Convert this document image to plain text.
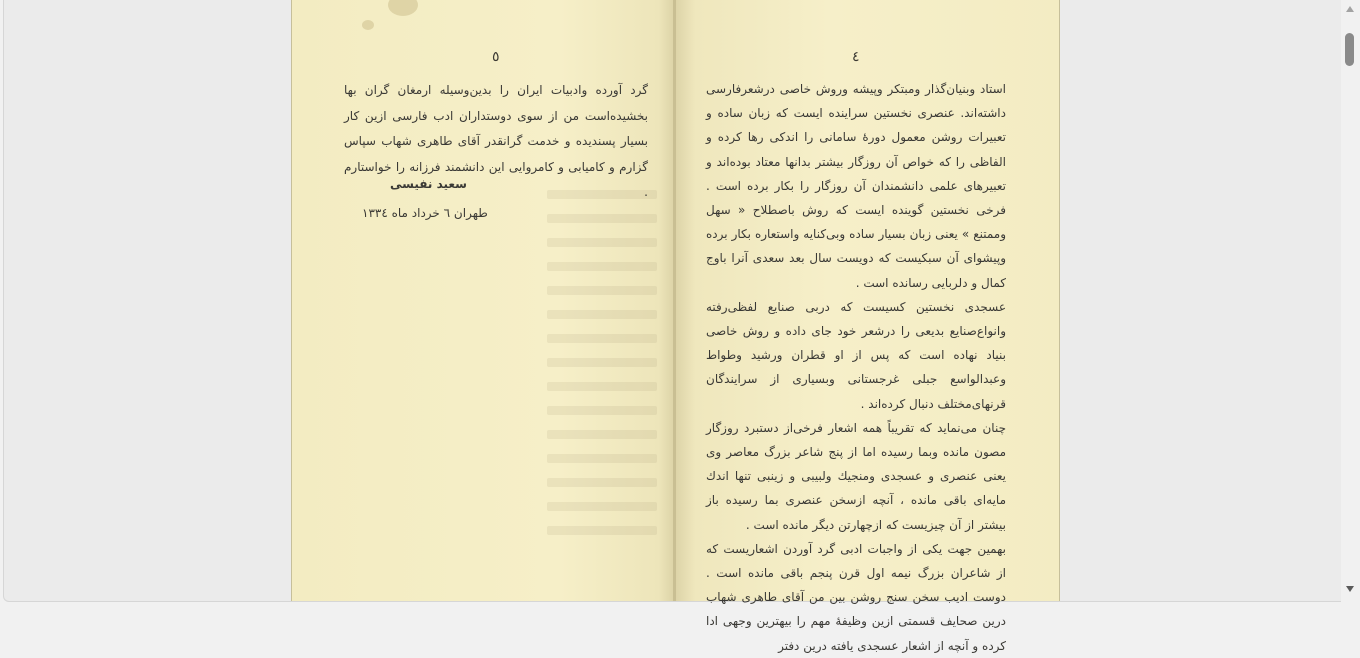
٥

گرد آورده وادبیات ایران را بدین‌وسیله ارمغان گران بها بخشیده‌است من از سوی دوستداران ادب فارسی ازین کار بسیار پسندیده و خدمت گرانقدر آقای طاهری شهاب سپاس گزارم و کامیابی و کامروایی این دانشمند فرزانه را خواستارم .

سعید نفیسی
طهران ٦ خرداد ماه ١٣٣٤
٤

استاد وبنیان‌گذار ومبتکر وپیشه وروش خاصی درشعرفارسی داشته‌اند. عنصری نخستین سراینده ایست که زبان ساده و تعبیرات روشن معمول دورهٔ سامانی را اندکی رها کرده و الفاظی را که خواص آن روزگار بیشتر بدانها معتاد بوده‌اند و تعبیرهای علمی دانشمندان آن روزگار را بکار برده است . فرخی نخستین گوینده ایست که روش باصطلاح « سهل وممتنع » یعنی زبان بسیار ساده وبی‌کنایه واستعاره بکار برده وپیشوای آن سبکیست که دویست سال بعد سعدی آنرا باوج کمال و دلربایی رسانده است .

عسجدی نخستین کسیست که دربی صنایع لفظی‌رفته وانواع‌صنایع بدیعی را درشعر خود جای داده و روش خاصی بنیاد نهاده است که پس از او قطران ورشید وطواط وعبدالواسع جبلی غرجستانی وبسیاری از سرایندگان قرنهای‌مختلف دنبال کرده‌اند .

چنان می‌نماید که تقریباً همه اشعار فرخی‌از دستبرد روزگار مصون مانده وبما رسیده اما از پنج شاعر بزرگ معاصر وی یعنی عنصری و عسجدی ومنجیك ولبیبی و زینبی تنها اندك مایه‌ای باقی مانده ، آنچه ازسخن عنصری بما رسیده باز بیشتر از آن چیزیست که ازچهارتن دیگر مانده است .

بهمین جهت یکی از واجبات ادبی گرد آوردن اشعاریست که از شاعران بزرگ نیمه اول قرن پنجم باقی مانده است . دوست ادیب سخن سنج روشن بین من آقای طاهری شهاب درین صحایف قسمتی ازین وظیفهٔ مهم را بیهترین وجهی ادا کرده و آنچه از اشعار عسجدی یافته درین دفتر
